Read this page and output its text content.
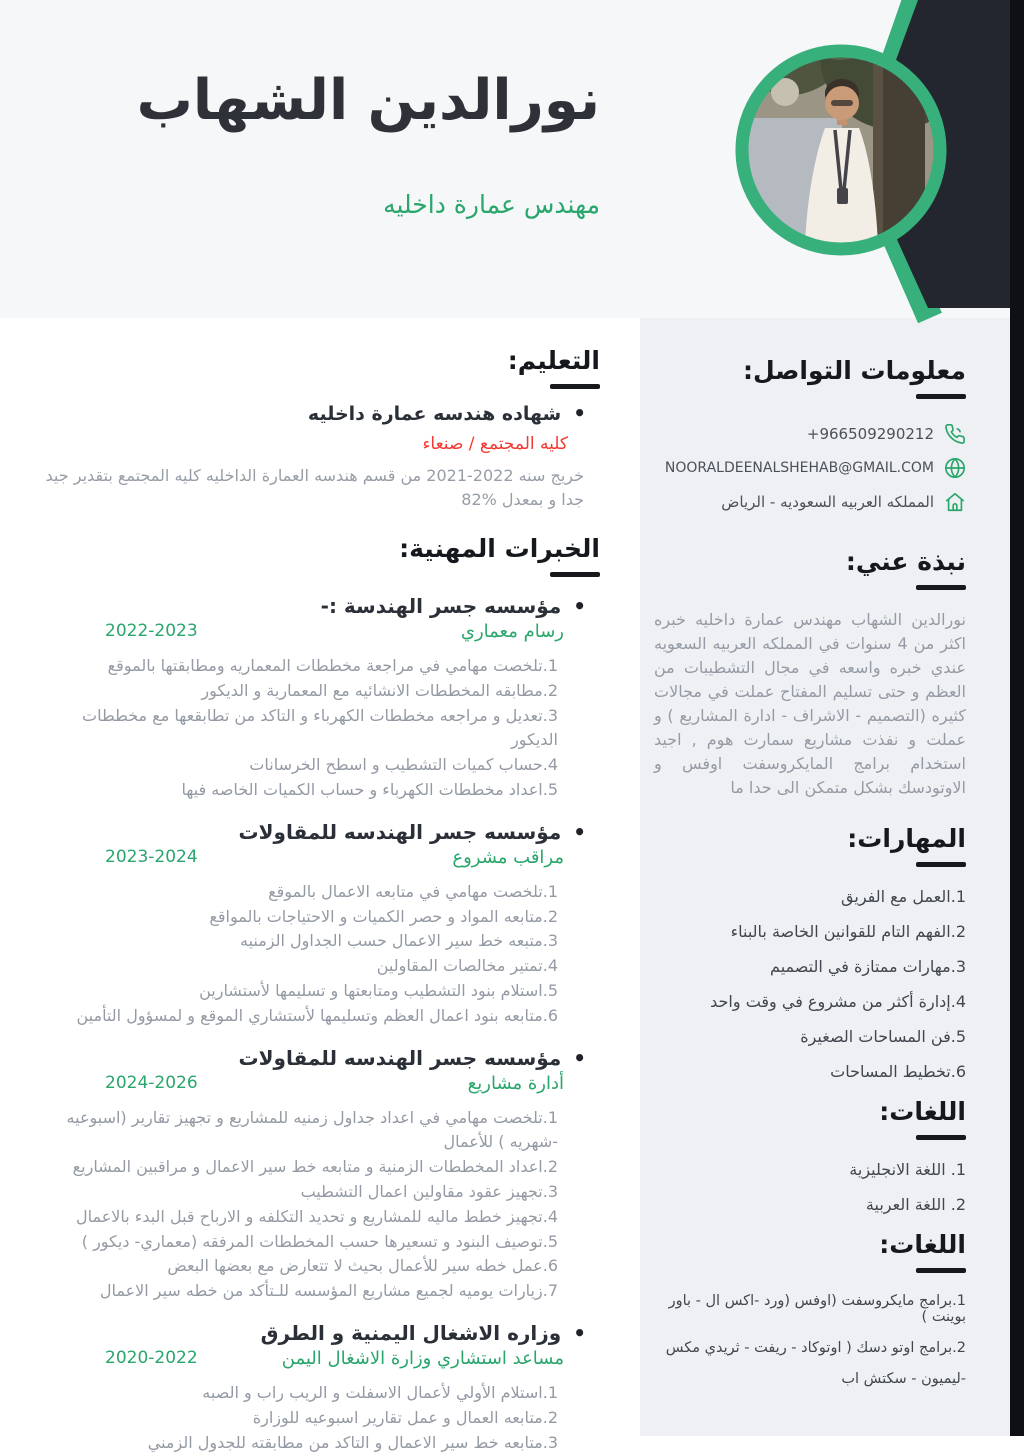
نورالدين الشهاب
مهندس عمارة داخليه
التعليم:
•
شهاده هندسه عمارة داخليه
كليه المجتمع / صنعاء
خريج سنه 2022-2021 من قسم هندسه العمارة الداخليه كليه المجتمع بتقدير جيد جدا و بمعدل %82
الخبرات المهنية:
•
مؤسسه جسر الهندسة :-
رسام معماري
2022-2023
1.تلخصت مهامي في مراجعة مخططات المعماريه ومطابقتها بالموقع
2.مطابقه المخططات الانشائيه مع المعمارية و الديكور
3.تعديل و مراجعه مخططات الكهرباء و التاكد من تطابقعها مع مخططات الديكور
4.حساب كميات التشطيب و اسطح الخرسانات
5.اعداد مخططات الكهرباء و حساب الكميات الخاصه فيها
•
مؤسسه جسر الهندسه للمقاولات
مراقب مشروع
2023-2024
1.تلخصت مهامي في متابعه الاعمال بالموقع
2.متابعه المواد و حصر الكميات و الاحتياجات بالمواقع
3.متبعه خط سير الاعمال حسب الجداول الزمنيه
4.تمتير مخالصات المقاولين
5.استلام بنود التشطيب ومتابعتها و تسليمها لأستشارين
6.متابعه بنود اعمال العظم وتسليمها لأستشاري الموقع و لمسؤول التأمين
•
مؤسسه جسر الهندسه للمقاولات
أدارة مشاريع
2024-2026
1.تلخصت مهامي في اعداد جداول زمنيه للمشاريع و تجهيز تقارير (اسبوعيه -شهريه ) للأعمال
2.اعداد المخططات الزمنية و متابعه خط سير الاعمال و مراقبين المشاريع
3.تجهيز عقود مقاولين اعمال التشطيب
4.تجهيز خطط ماليه للمشاريع و تحديد التكلفه و الارباح قبل البدء بالاعمال
5.توصيف البنود و تسعيرها حسب المخططات المرفقه (معماري- ديكور )
6.عمل خطه سير للأعمال بحيث لا تتعارض مع بعضها البعض
7.زيارات يوميه لجميع مشاريع المؤسسه للـتأكد من خطه سير الاعمال
•
وزاره الاشغال اليمنية و الطرق
مساعد استشاري وزارة الاشغال اليمن
2020-2022
1.استلام الأولي لأعمال الاسفلت و الريب راب و الصبه
2.متابعه العمال و عمل تقارير اسبوعيه للوزارة
3.متابعه خط سير الاعمال و التاكد من مطابقته للجدول الزمني
معلومات التواصل:
+966509290212
NOORALDEENALSHEHAB@GMAIL.COM
المملكه العربيه السعوديه - الرياض
نبذة عني:
نورالدين الشهاب مهندس عمارة داخليه خبره اكثر من 4 سنوات في المملكه العربيه السعويه عندي خبره واسعه في مجال التشطيبات من العظم و حتى تسليم المفتاح عملت في مجالات كثيره (التصميم - الاشراف - ادارة المشاريع ) و عملت و نفذت مشاريع سمارت هوم , اجيد استخدام برامج المايكروسفت اوفس و الاوتودسك بشكل متمكن الى حدا ما
المهارات:
1.العمل مع الفريق
2.الفهم التام للقوانين الخاصة بالبناء
3.مهارات ممتازة في التصميم
4.إدارة أكثر من مشروع في وقت واحد
5.فن المساحات الصغيرة
6.تخطيط المساحات
اللغات:
1. اللغة الانجليزية
2. اللغة العربية
اللغات:
1.برامج مايكروسفت (اوفس (ورد -اكس ال - باور بوينت )
2.برامج اوتو دسك ( اوتوكاد - ريفت - ثريدي مكس
-ليميون - سكتش اب
